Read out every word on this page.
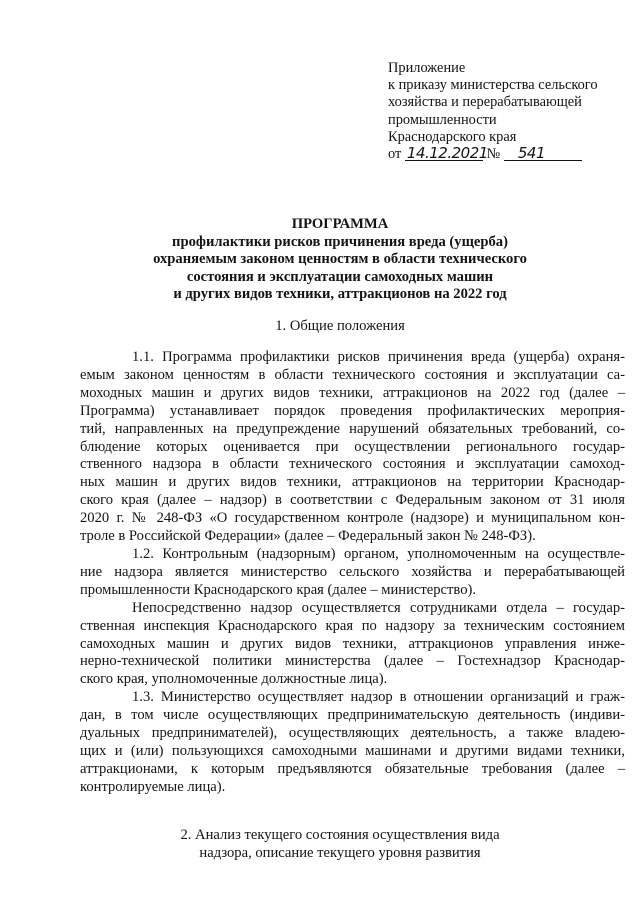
Приложение
к приказу министерства сельского
хозяйства и перерабатывающей
промышленности
Краснодарского края
от 14.12.2021 № 541
ПРОГРАММА
профилактики рисков причинения вреда (ущерба)
охраняемым законом ценностям в области технического
состояния и эксплуатации самоходных машин
и других видов техники, аттракционов на 2022 год
1. Общие положения
1.1. Программа профилактики рисков причинения вреда (ущерба) охраня-
емым законом ценностям в области технического состояния и эксплуатации са-
моходных машин и других видов техники, аттракционов на 2022 год (далее –
Программа) устанавливает порядок проведения профилактических мероприя-
тий, направленных на предупреждение нарушений обязательных требований, со-
блюдение которых оценивается при осуществлении регионального государ-
ственного надзора в области технического состояния и эксплуатации самоход-
ных машин и других видов техники, аттракционов на территории Краснодар-
ского края (далее – надзор) в соответствии с Федеральным законом от 31 июля
2020 г. № 248-ФЗ «О государственном контроле (надзоре) и муниципальном кон-
троле в Российской Федерации» (далее – Федеральный закон № 248-ФЗ).
1.2. Контрольным (надзорным) органом, уполномоченным на осуществле-
ние надзора является министерство сельского хозяйства и перерабатывающей
промышленности Краснодарского края (далее – министерство).
Непосредственно надзор осуществляется сотрудниками отдела – государ-
ственная инспекция Краснодарского края по надзору за техническим состоянием
самоходных машин и других видов техники, аттракционов управления инже-
нерно-технической политики министерства (далее – Гостехнадзор Краснодар-
ского края, уполномоченные должностные лица).
1.3. Министерство осуществляет надзор в отношении организаций и граж-
дан, в том числе осуществляющих предпринимательскую деятельность (индиви-
дуальных предпринимателей), осуществляющих деятельность, а также владею-
щих и (или) пользующихся самоходными машинами и другими видами техники,
аттракционами, к которым предъявляются обязательные требования (далее –
контролируемые лица).
2. Анализ текущего состояния осуществления вида
надзора, описание текущего уровня развития
